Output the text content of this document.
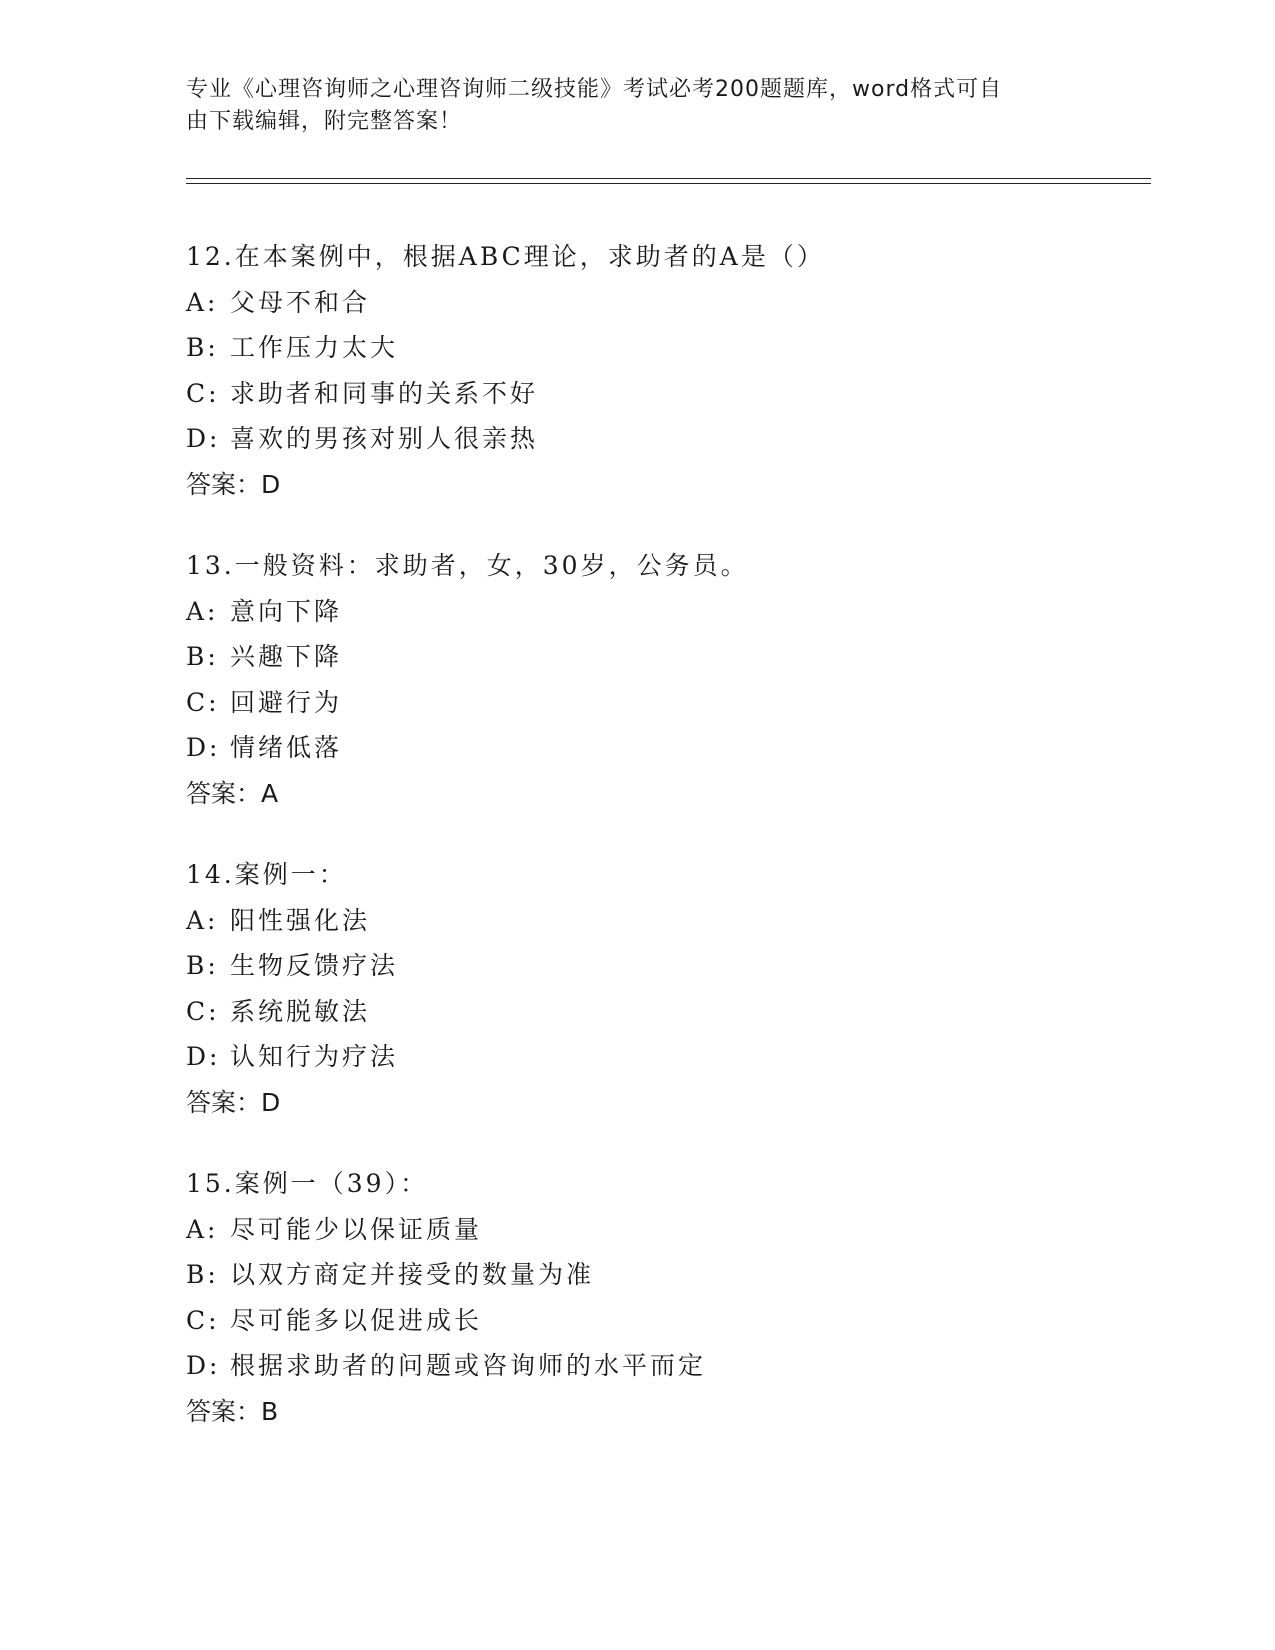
专业《心理咨询师之心理咨询师二级技能》考试必考200题题库，word格式可自
由下载编辑，附完整答案！
12.在本案例中，根据ABC理论，求助者的A是（）
A: 父母不和合
B: 工作压力太大
C: 求助者和同事的关系不好
D: 喜欢的男孩对别人很亲热
答案：D
13.一般资料：求助者，女，30岁，公务员。
A: 意向下降
B: 兴趣下降
C: 回避行为
D: 情绪低落
答案：A
14.案例一：
A: 阳性强化法
B: 生物反馈疗法
C: 系统脱敏法
D: 认知行为疗法
答案：D
15.案例一（39）：
A: 尽可能少以保证质量
B: 以双方商定并接受的数量为准
C: 尽可能多以促进成长
D: 根据求助者的问题或咨询师的水平而定
答案：B
